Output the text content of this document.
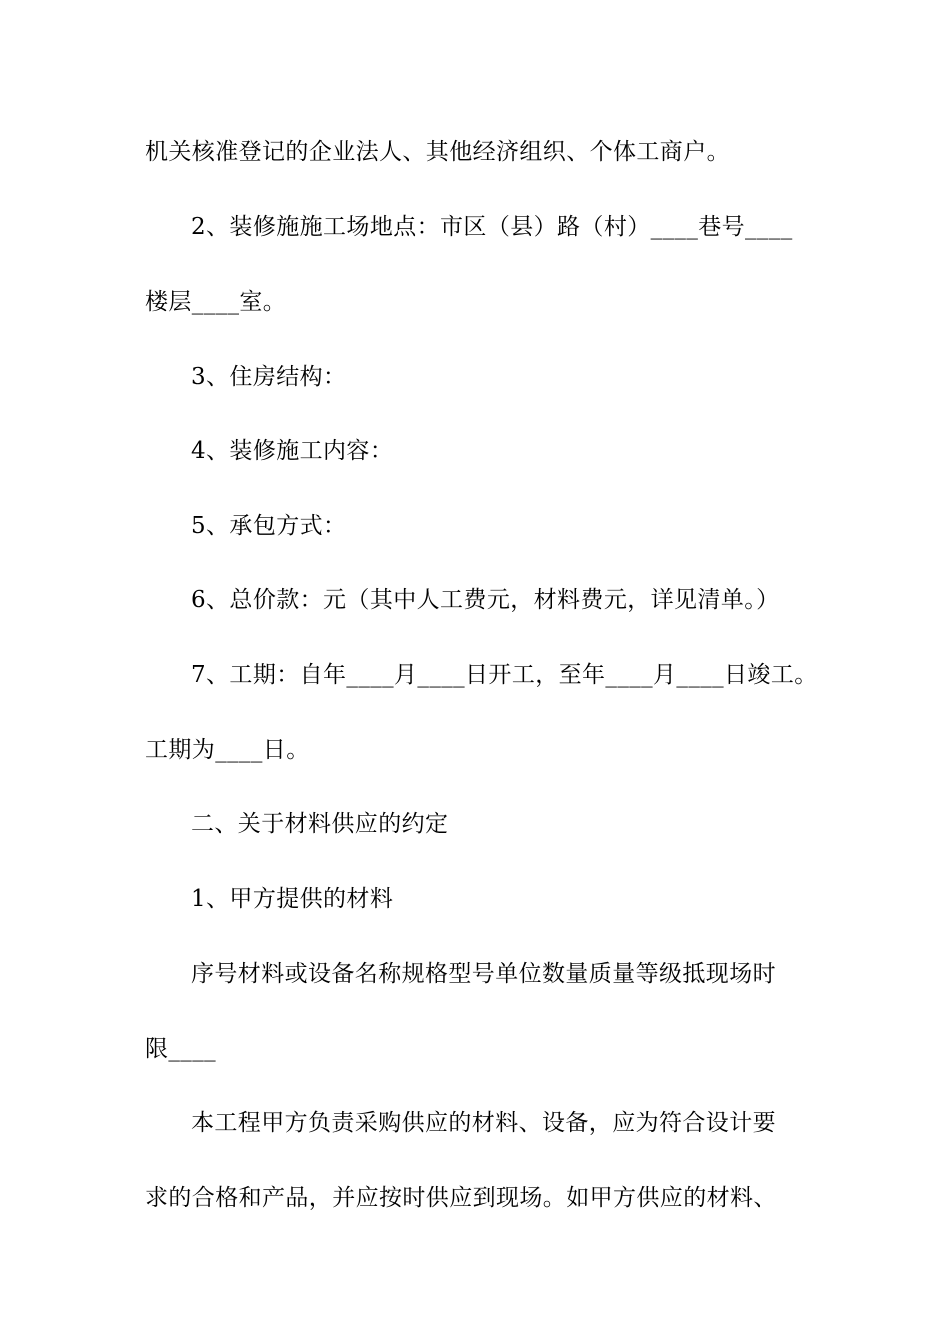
机关核准登记的企业法人、其他经济组织、个体工商户。
2、装修施施工场地点：市区（县）路（村）____巷号____
楼层____室。
3、住房结构：
4、装修施工内容：
5、承包方式：
6、总价款：元（其中人工费元，材料费元，详见清单。）
7、工期：自年____月____日开工，至年____月____日竣工。
工期为____日。
二、关于材料供应的约定
1、甲方提供的材料
序号材料或设备名称规格型号单位数量质量等级抵现场时
限____
本工程甲方负责采购供应的材料、设备，应为符合设计要
求的合格和产品，并应按时供应到现场。如甲方供应的材料、
